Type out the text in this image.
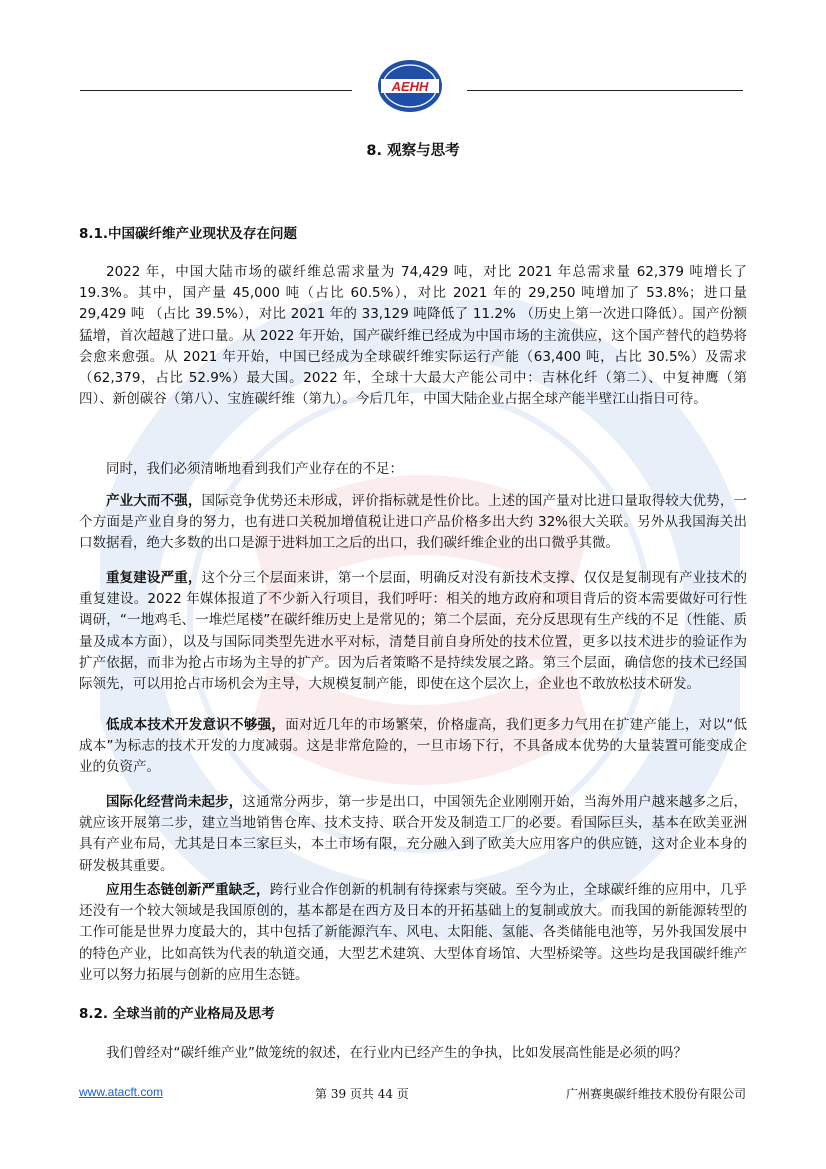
AEHH
8. 观察与思考
8.1.中国碳纤维产业现状及存在问题

2022 年，中国大陆市场的碳纤维总需求量为 74,429 吨，对比 2021 年总需求量 62,379 吨增长了 19.3%。其中，国产量 45,000 吨（占比 60.5%），对比 2021 年的 29,250 吨增加了 53.8%；进口量 29,429 吨 （占比 39.5%），对比 2021 年的 33,129 吨降低了 11.2% （历史上第一次进口降低）。国产份额猛增，首次超越了进口量。从 2022 年开始，国产碳纤维已经成为中国市场的主流供应，这个国产替代的趋势将会愈来愈强。从 2021 年开始，中国已经成为全球碳纤维实际运行产能（63,400 吨，占比 30.5%）及需求（62,379，占比 52.9%）最大国。2022 年，全球十大最大产能公司中：吉林化纤（第二）、中复神鹰（第四）、新创碳谷（第八）、宝旌碳纤维（第九）。今后几年，中国大陆企业占据全球产能半壁江山指日可待。

同时，我们必须清晰地看到我们产业存在的不足：

产业大而不强，国际竞争优势还未形成，评价指标就是性价比。上述的国产量对比进口量取得较大优势，一个方面是产业自身的努力，也有进口关税加增值税让进口产品价格多出大约 32%很大关联。另外从我国海关出口数据看，绝大多数的出口是源于进料加工之后的出口，我们碳纤维企业的出口微乎其微。

重复建设严重，这个分三个层面来讲，第一个层面，明确反对没有新技术支撑、仅仅是复制现有产业技术的重复建设。2022 年媒体报道了不少新入行项目，我们呼吁：相关的地方政府和项目背后的资本需要做好可行性调研，“一地鸡毛、一堆烂尾楼”在碳纤维历史上是常见的；第二个层面，充分反思现有生产线的不足（性能、质量及成本方面），以及与国际同类型先进水平对标，清楚目前自身所处的技术位置，更多以技术进步的验证作为扩产依据，而非为抢占市场为主导的扩产。因为后者策略不是持续发展之路。第三个层面，确信您的技术已经国际领先，可以用抢占市场机会为主导，大规模复制产能，即使在这个层次上，企业也不敢放松技术研发。

低成本技术开发意识不够强，面对近几年的市场繁荣，价格虚高，我们更多力气用在扩建产能上，对以“低成本”为标志的技术开发的力度减弱。这是非常危险的，一旦市场下行，不具备成本优势的大量装置可能变成企业的负资产。

国际化经营尚未起步，这通常分两步，第一步是出口，中国领先企业刚刚开始，当海外用户越来越多之后，就应该开展第二步，建立当地销售仓库、技术支持、联合开发及制造工厂的必要。看国际巨头，基本在欧美亚洲具有产业布局，尤其是日本三家巨头，本土市场有限，充分融入到了欧美大应用客户的供应链，这对企业本身的研发极其重要。

应用生态链创新严重缺乏，跨行业合作创新的机制有待探索与突破。至今为止，全球碳纤维的应用中，几乎还没有一个较大领域是我国原创的，基本都是在西方及日本的开拓基础上的复制或放大。而我国的新能源转型的工作可能是世界力度最大的，其中包括了新能源汽车、风电、太阳能、氢能、各类储能电池等，另外我国发展中的特色产业，比如高铁为代表的轨道交通，大型艺术建筑、大型体育场馆、大型桥梁等。这些均是我国碳纤维产业可以努力拓展与创新的应用生态链。

8.2. 全球当前的产业格局及思考

我们曾经对“碳纤维产业”做笼统的叙述，在行业内已经产生的争执，比如发展高性能是必须的吗？

www.atacft.com	第 39 页共 44 页	广州赛奥碳纤维技术股份有限公司
